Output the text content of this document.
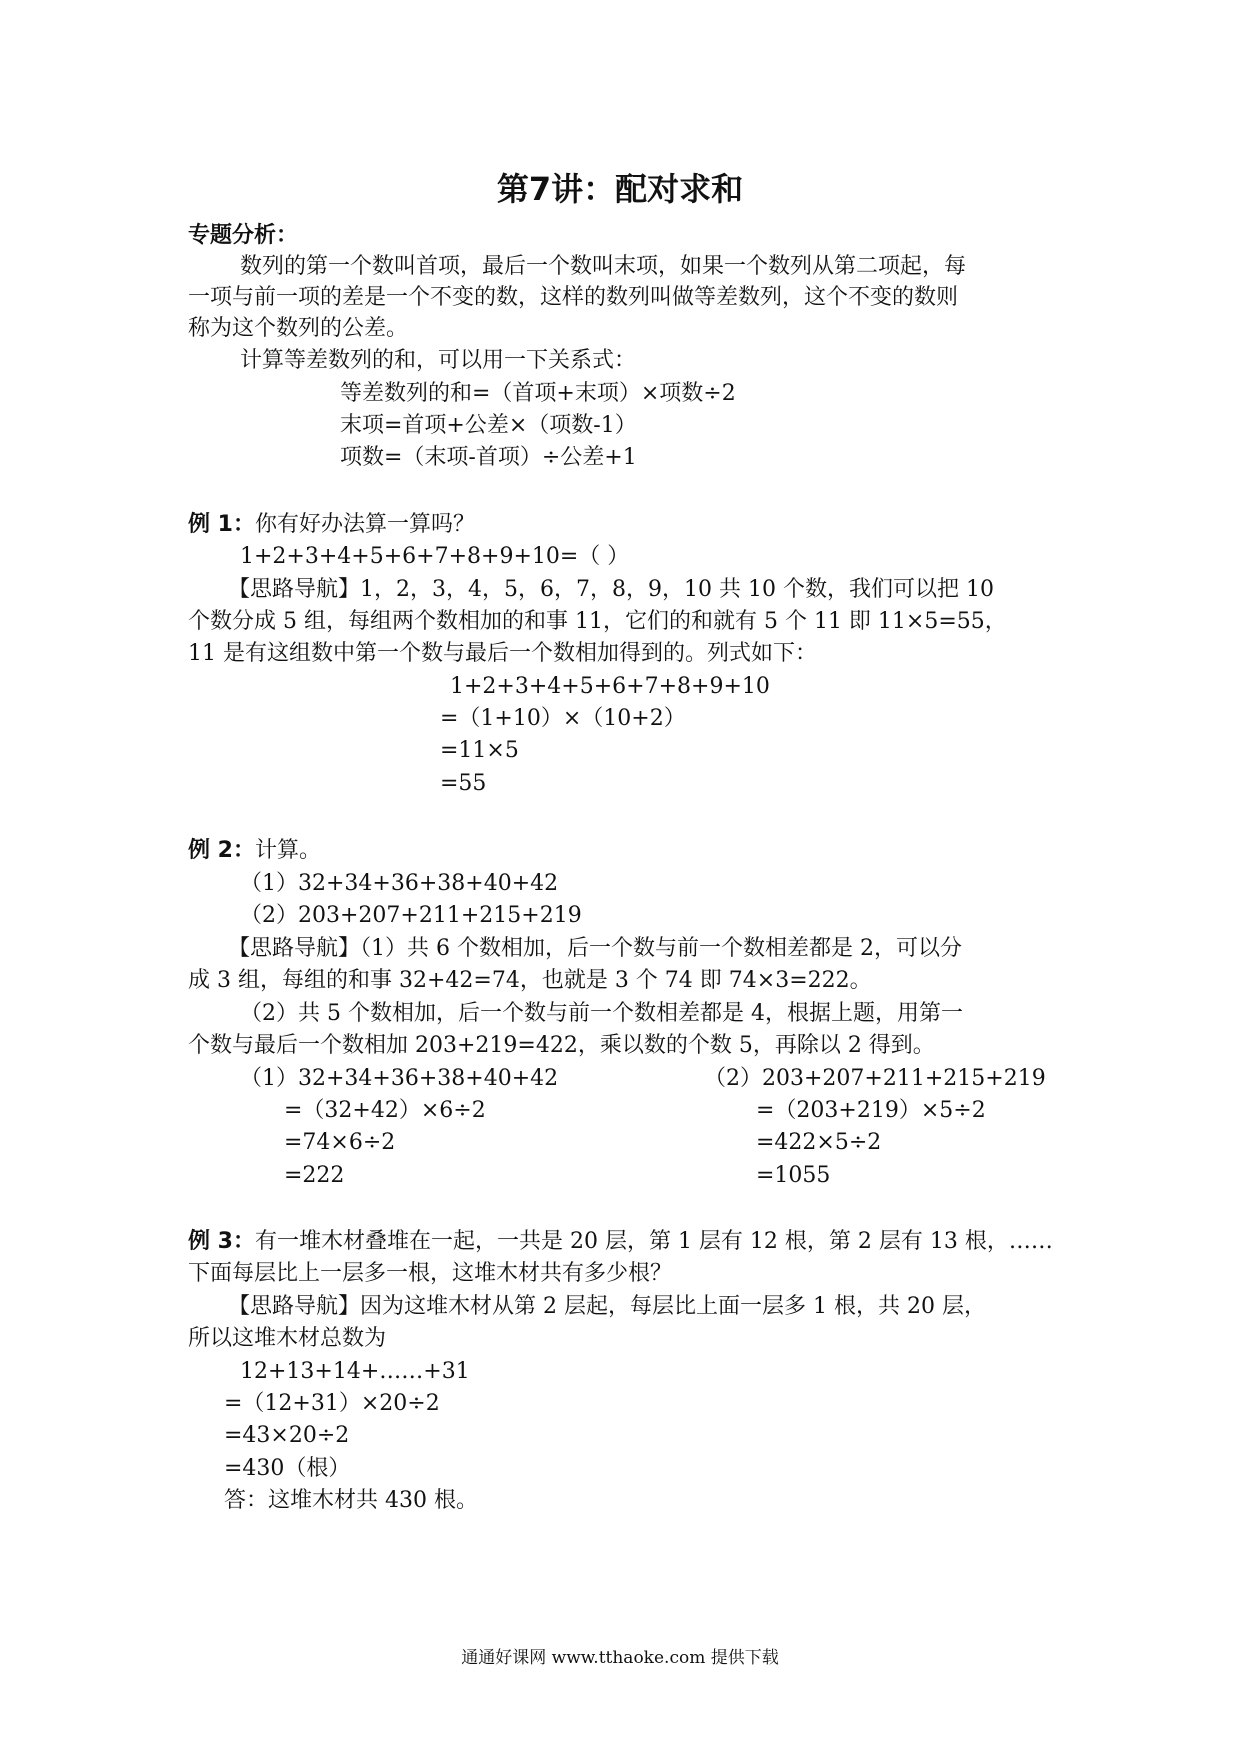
第7讲：配对求和
专题分析：
数列的第一个数叫首项，最后一个数叫末项，如果一个数列从第二项起，每
一项与前一项的差是一个不变的数，这样的数列叫做等差数列，这个不变的数则
称为这个数列的公差。
计算等差数列的和，可以用一下关系式：
等差数列的和=（首项+末项）×项数÷2
末项=首项+公差×（项数-1）
项数=（末项-首项）÷公差+1
例 1：你有好办法算一算吗？
1+2+3+4+5+6+7+8+9+10=（ ）
【思路导航】1，2，3，4，5，6，7，8，9，10 共 10 个数，我们可以把 10
个数分成 5 组，每组两个数相加的和事 11，它们的和就有 5 个 11 即 11×5=55，
11 是有这组数中第一个数与最后一个数相加得到的。列式如下：
1+2+3+4+5+6+7+8+9+10
=（1+10）×（10+2）
=11×5
=55
例 2：计算。
（1）32+34+36+38+40+42
（2）203+207+211+215+219
【思路导航】（1）共 6 个数相加，后一个数与前一个数相差都是 2，可以分
成 3 组，每组的和事 32+42=74，也就是 3 个 74 即 74×3=222。
（2）共 5 个数相加，后一个数与前一个数相差都是 4，根据上题，用第一
个数与最后一个数相加 203+219=422，乘以数的个数 5，再除以 2 得到。
（1）32+34+36+38+40+42
=（32+42）×6÷2
=74×6÷2
=222
（2）203+207+211+215+219
=（203+219）×5÷2
=422×5÷2
=1055
例 3：有一堆木材叠堆在一起，一共是 20 层，第 1 层有 12 根，第 2 层有 13 根，……
下面每层比上一层多一根，这堆木材共有多少根？
【思路导航】因为这堆木材从第 2 层起，每层比上面一层多 1 根，共 20 层，
所以这堆木材总数为
12+13+14+……+31
=（12+31）×20÷2
=43×20÷2
=430（根）
答：这堆木材共 430 根。
通通好课网 www.tthaoke.com 提供下载
